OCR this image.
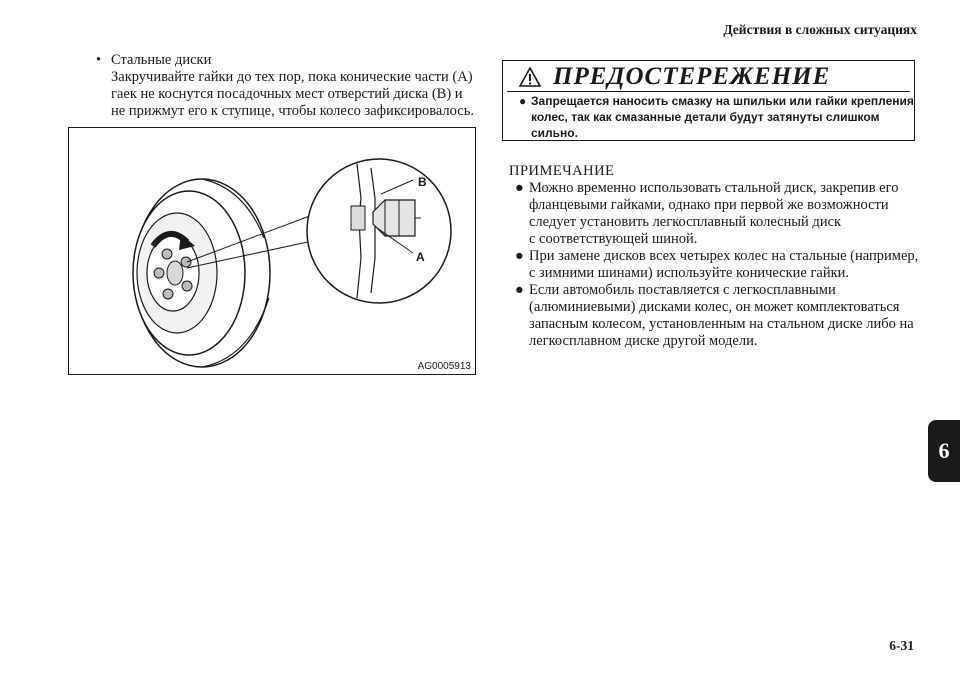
Действия в сложных ситуациях
• Стальные диски
Закручивайте гайки до тех пор, пока конические части (A)
гаек не коснутся посадочных мест отверстий диска (B) и
не прижмут его к ступице, чтобы колесо зафиксировалось.
B
A
AG0005913
ПРЕДОСТЕРЕЖЕНИЕ
● Запрещается наносить смазку на шпильки или гайки крепления
колес, так как смазанные детали будут затянуты слишком
сильно.
ПРИМЕЧАНИЕ
● Можно временно использовать стальной диск, закрепив его
фланцевыми гайками, однако при первой же возможности
следует установить легкосплавный колесный диск
с соответствующей шиной.
● При замене дисков всех четырех колес на стальные (например,
с зимними шинами) используйте конические гайки.
● Если автомобиль поставляется с легкосплавными
(алюминиевыми) дисками колес, он может комплектоваться
запасным колесом, установленным на стальном диске либо на
легкосплавном диске другой модели.
6
6-31
